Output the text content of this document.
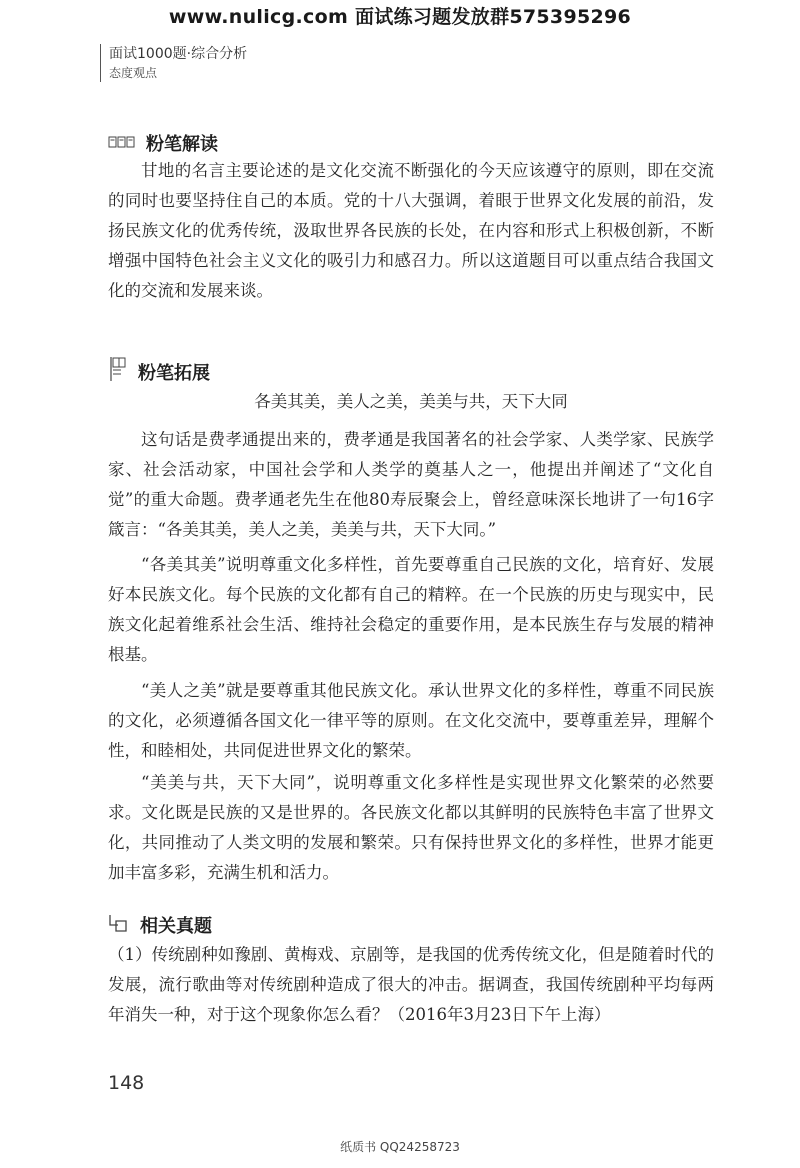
www.nulicg.com 面试练习题发放群575395296
面试1000题·综合分析
态度观点
粉笔解读

甘地的名言主要论述的是文化交流不断强化的今天应该遵守的原则，即在交流的同时也要坚持住自己的本质。党的十八大强调，着眼于世界文化发展的前沿，发扬民族文化的优秀传统，汲取世界各民族的长处，在内容和形式上积极创新，不断增强中国特色社会主义文化的吸引力和感召力。所以这道题目可以重点结合我国文化的交流和发展来谈。

粉笔拓展
各美其美，美人之美，美美与共，天下大同

这句话是费孝通提出来的，费孝通是我国著名的社会学家、人类学家、民族学家、社会活动家，中国社会学和人类学的奠基人之一，他提出并阐述了“文化自觉”的重大命题。费孝通老先生在他80寿辰聚会上，曾经意味深长地讲了一句16字箴言：“各美其美，美人之美，美美与共，天下大同。”

“各美其美”说明尊重文化多样性，首先要尊重自己民族的文化，培育好、发展好本民族文化。每个民族的文化都有自己的精粹。在一个民族的历史与现实中，民族文化起着维系社会生活、维持社会稳定的重要作用，是本民族生存与发展的精神根基。

“美人之美”就是要尊重其他民族文化。承认世界文化的多样性，尊重不同民族的文化，必须遵循各国文化一律平等的原则。在文化交流中，要尊重差异，理解个性，和睦相处，共同促进世界文化的繁荣。

“美美与共，天下大同”，说明尊重文化多样性是实现世界文化繁荣的必然要求。文化既是民族的又是世界的。各民族文化都以其鲜明的民族特色丰富了世界文化，共同推动了人类文明的发展和繁荣。只有保持世界文化的多样性，世界才能更加丰富多彩，充满生机和活力。

相关真题

（1）传统剧种如豫剧、黄梅戏、京剧等，是我国的优秀传统文化，但是随着时代的发展，流行歌曲等对传统剧种造成了很大的冲击。据调查，我国传统剧种平均每两年消失一种，对于这个现象你怎么看？（2016年3月23日下午上海）

148
纸质书 QQ24258723
